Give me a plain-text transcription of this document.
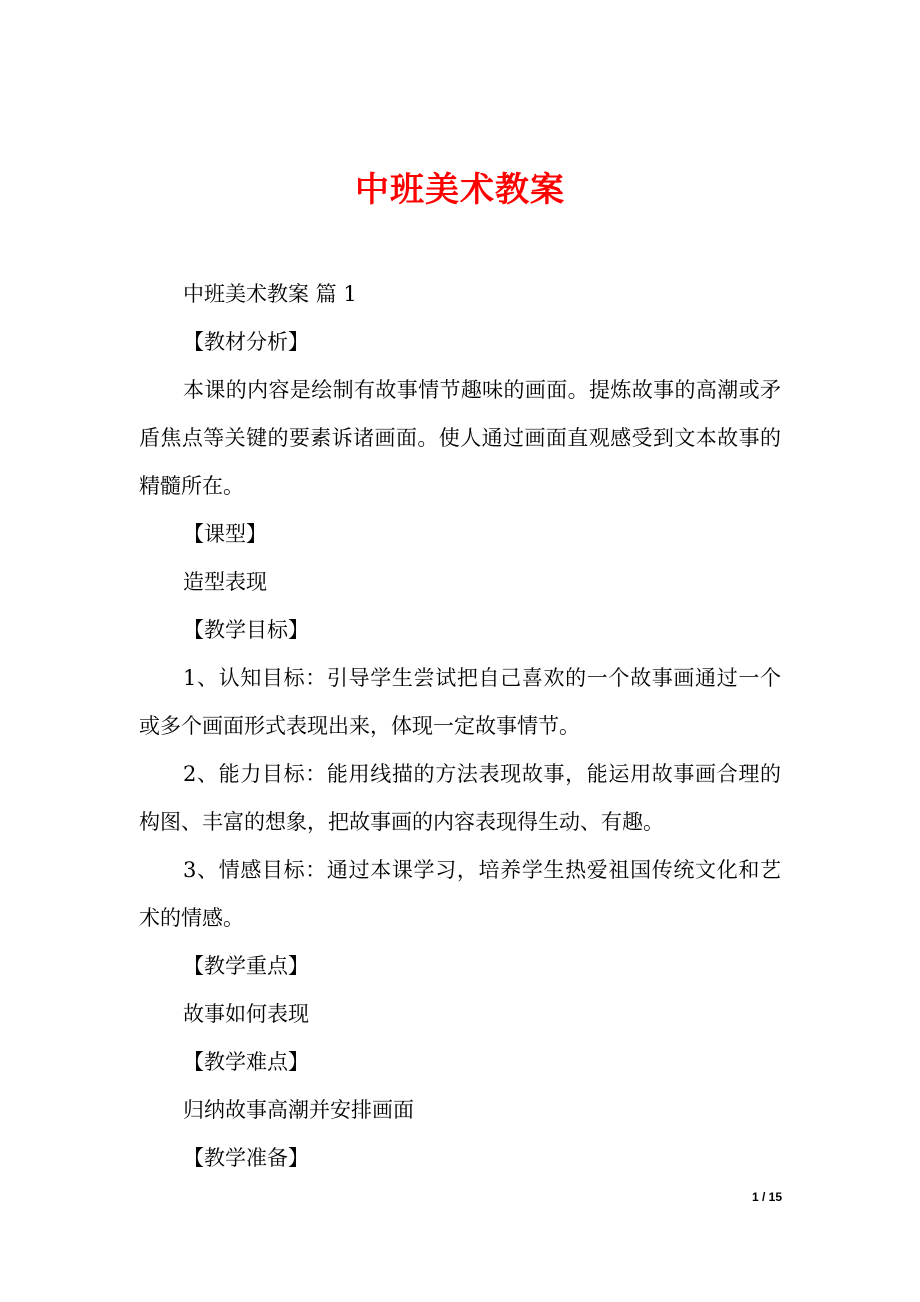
中班美术教案

中班美术教案 篇 1

【教材分析】

本课的内容是绘制有故事情节趣味的画面。提炼故事的高潮或矛盾焦点等关键的要素诉诸画面。使人通过画面直观感受到文本故事的精髓所在。

【课型】

造型表现

【教学目标】

1、认知目标：引导学生尝试把自己喜欢的一个故事画通过一个或多个画面形式表现出来，体现一定故事情节。

2、能力目标：能用线描的方法表现故事，能运用故事画合理的构图、丰富的想象，把故事画的内容表现得生动、有趣。

3、情感目标：通过本课学习，培养学生热爱祖国传统文化和艺术的情感。

【教学重点】

故事如何表现

【教学难点】

归纳故事高潮并安排画面

【教学准备】

1 / 15
